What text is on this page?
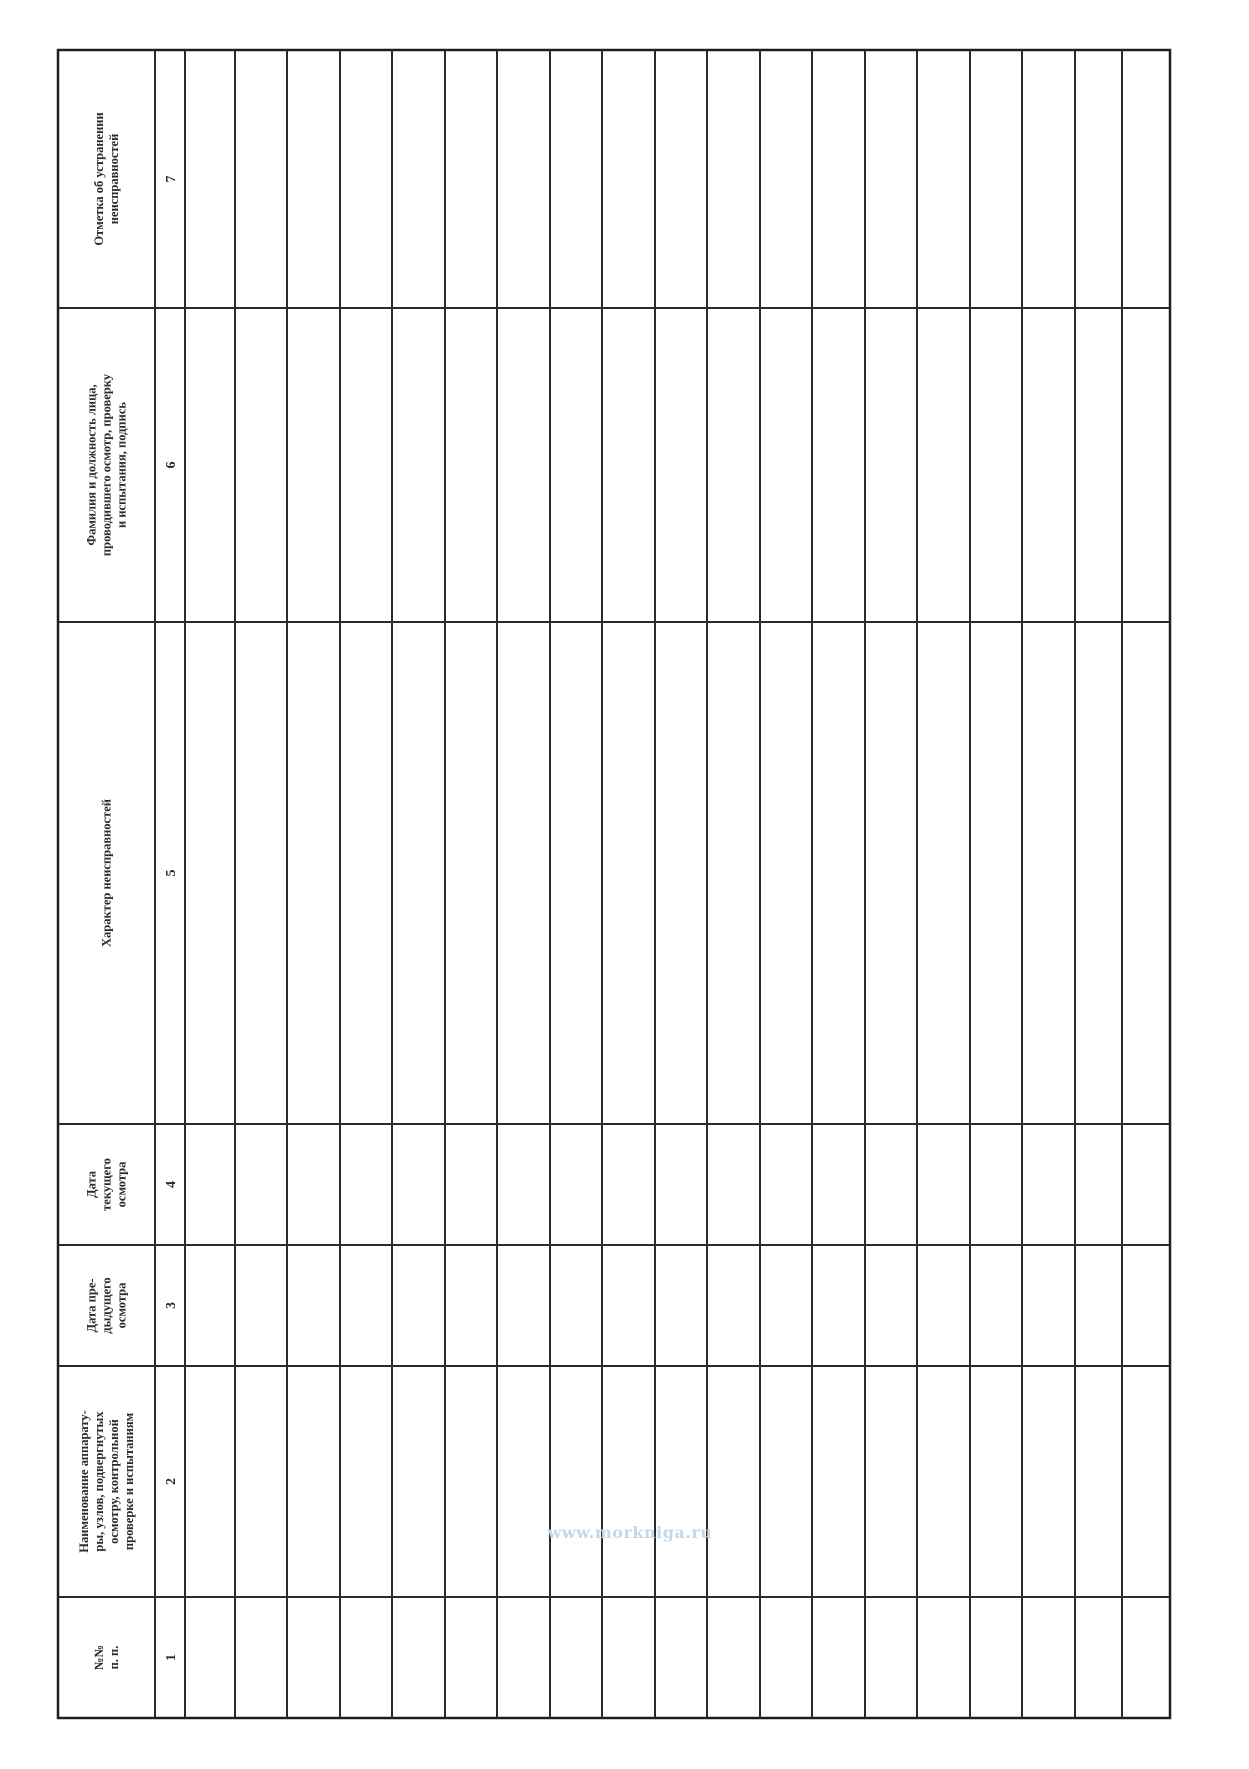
№№ п. п.	1
Наименование аппарату- ры, узлов, подвергнутых осмотру, контрольной проверке и испытаниям 2
Дата пре- дыдущего осмотра	3
Дата текущего осмотра	4
Характер неисправностей	5
Фамилия и должность лица, проводившего осмотр, проверку и испытания, подпись	6
Отметка об устранении неисправностей	7
www.morkniga.ru
